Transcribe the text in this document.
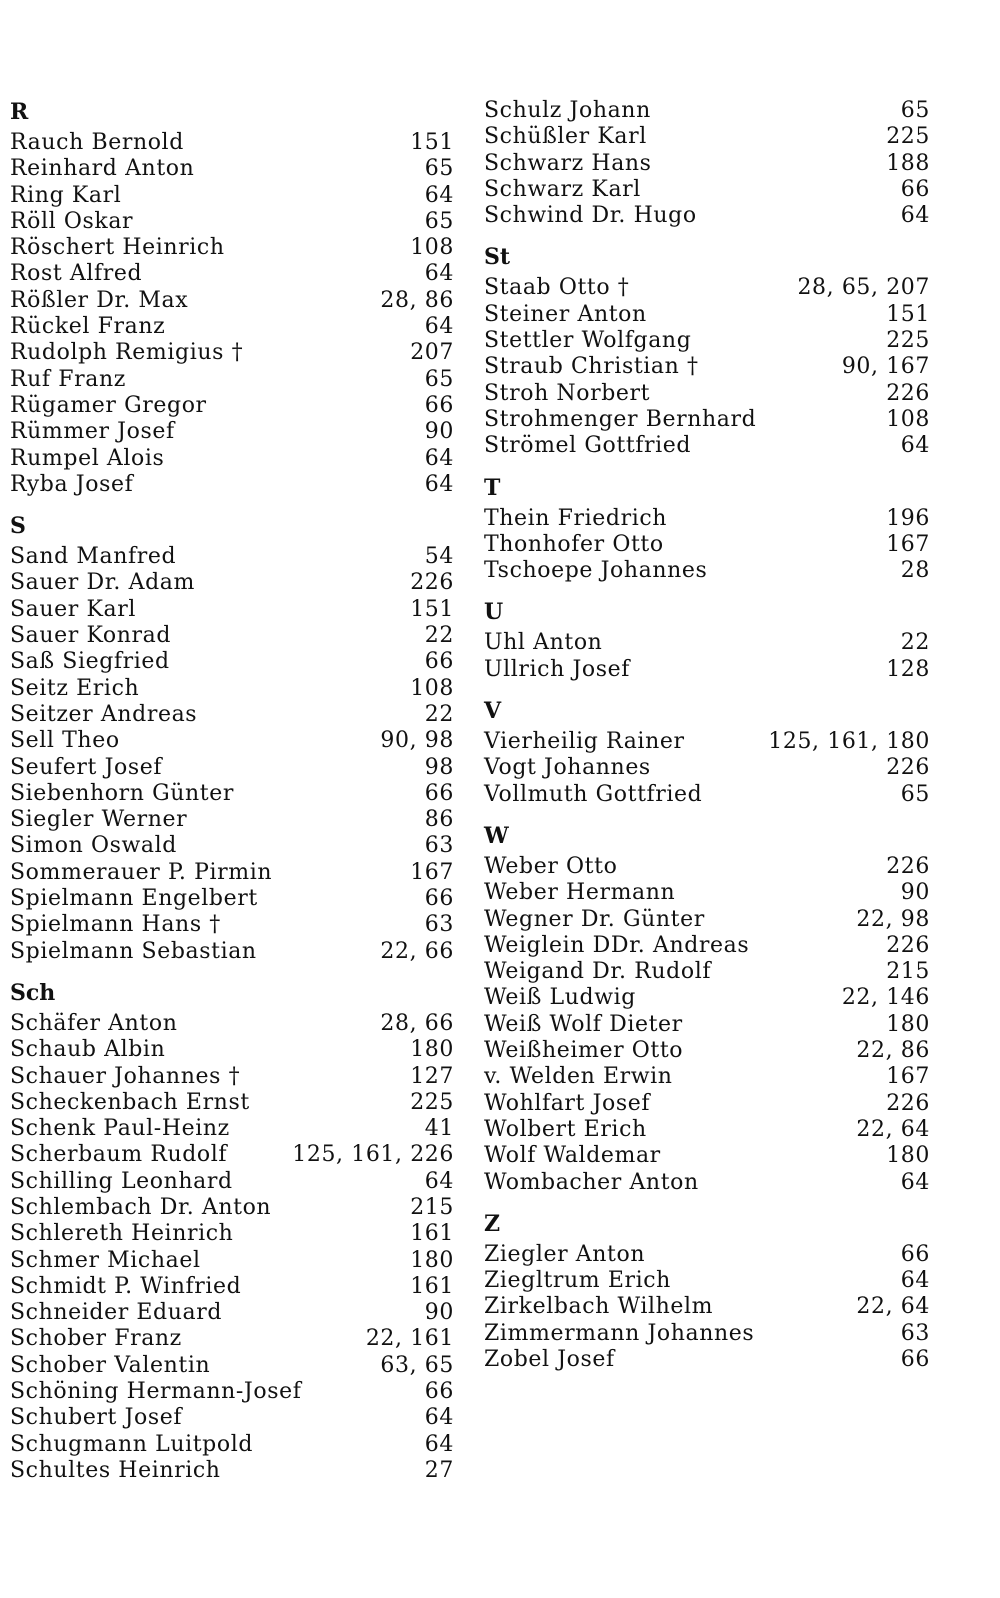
R
Rauch Bernold	151
Reinhard Anton	65
Ring Karl	64
Röll Oskar	65
Röschert Heinrich	108
Rost Alfred	64
Rößler Dr. Max	28, 86
Rückel Franz	64
Rudolph Remigius †	207
Ruf Franz	65
Rügamer Gregor	66
Rümmer Josef	90
Rumpel Alois	64
Ryba Josef	64
S
Sand Manfred	54
Sauer Dr. Adam	226
Sauer Karl	151
Sauer Konrad	22
Saß Siegfried	66
Seitz Erich	108
Seitzer Andreas	22
Sell Theo	90, 98
Seufert Josef	98
Siebenhorn Günter	66
Siegler Werner	86
Simon Oswald	63
Sommerauer P. Pirmin	167
Spielmann Engelbert	66
Spielmann Hans †	63
Spielmann Sebastian	22, 66
Sch
Schäfer Anton	28, 66
Schaub Albin	180
Schauer Johannes †	127
Scheckenbach Ernst	225
Schenk Paul-Heinz	41
Scherbaum Rudolf	125, 161, 226
Schilling Leonhard	64
Schlembach Dr. Anton	215
Schlereth Heinrich	161
Schmer Michael	180
Schmidt P. Winfried	161
Schneider Eduard	90
Schober Franz	22, 161
Schober Valentin	63, 65
Schöning Hermann-Josef	66
Schubert Josef	64
Schugmann Luitpold	64
Schultes Heinrich	27
Schulz Johann	65
Schüßler Karl	225
Schwarz Hans	188
Schwarz Karl	66
Schwind Dr. Hugo	64
St
Staab Otto †	28, 65, 207
Steiner Anton	151
Stettler Wolfgang	225
Straub Christian †	90, 167
Stroh Norbert	226
Strohmenger Bernhard	108
Strömel Gottfried	64
T
Thein Friedrich	196
Thonhofer Otto	167
Tschoepe Johannes	28
U
Uhl Anton	22
Ullrich Josef	128
V
Vierheilig Rainer	125, 161, 180
Vogt Johannes	226
Vollmuth Gottfried	65
W
Weber Otto	226
Weber Hermann	90
Wegner Dr. Günter	22, 98
Weiglein DDr. Andreas	226
Weigand Dr. Rudolf	215
Weiß Ludwig	22, 146
Weiß Wolf Dieter	180
Weißheimer Otto	22, 86
v. Welden Erwin	167
Wohlfart Josef	226
Wolbert Erich	22, 64
Wolf Waldemar	180
Wombacher Anton	64
Z
Ziegler Anton	66
Ziegltrum Erich	64
Zirkelbach Wilhelm	22, 64
Zimmermann Johannes	63
Zobel Josef	66
